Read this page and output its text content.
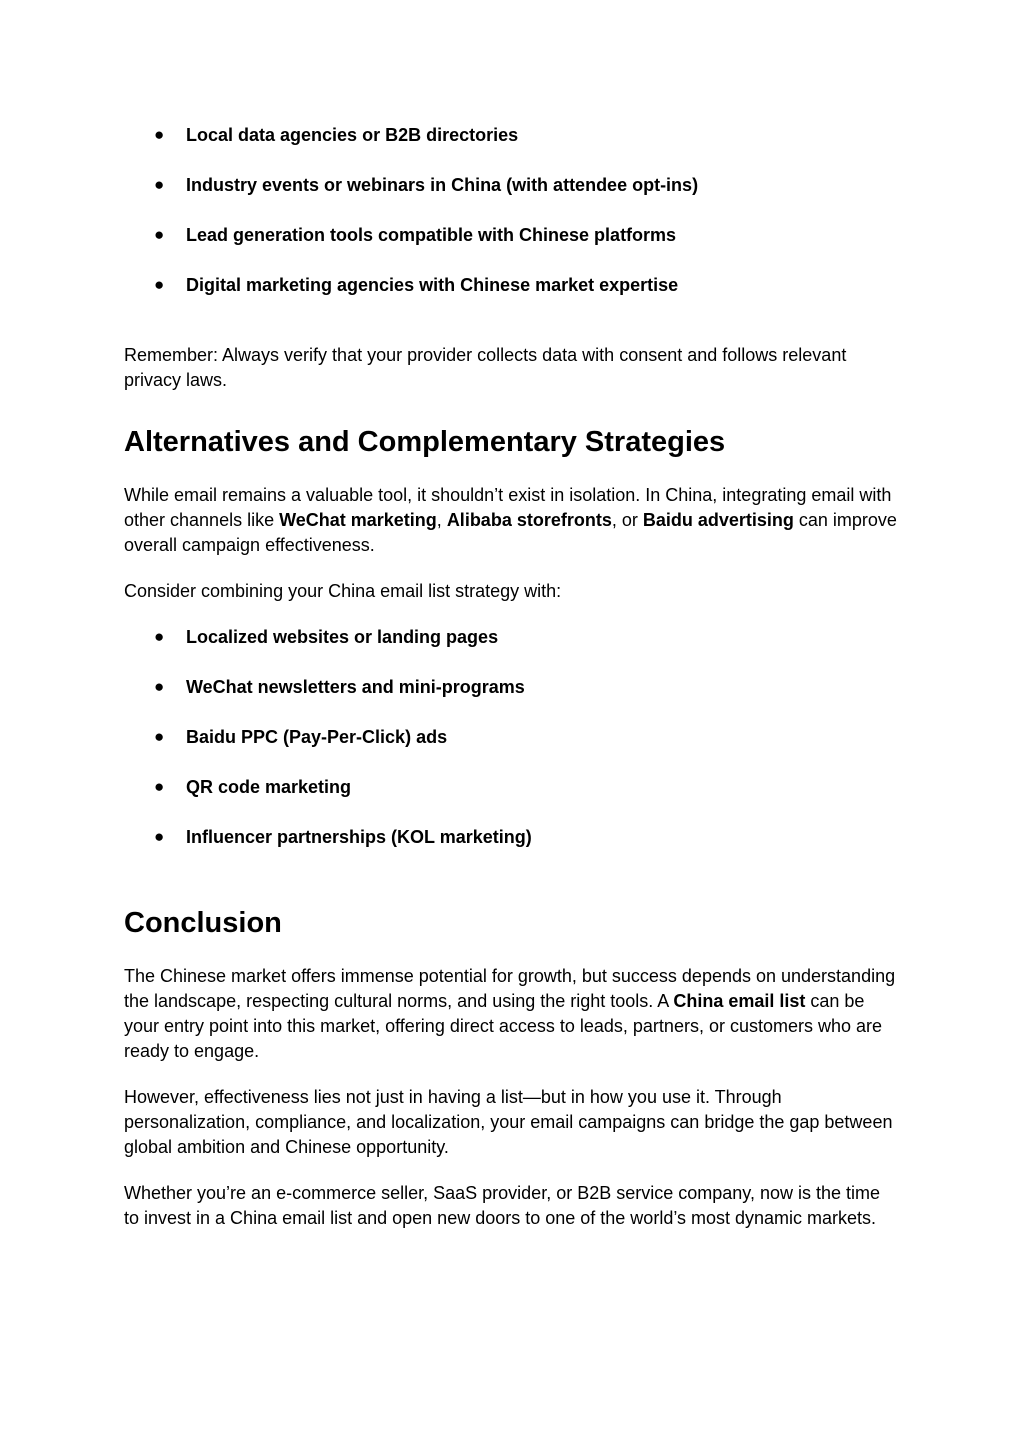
● Local data agencies or B2B directories
● Industry events or webinars in China (with attendee opt-ins)
● Lead generation tools compatible with Chinese platforms
● Digital marketing agencies with Chinese market expertise

Remember: Always verify that your provider collects data with consent and follows relevant privacy laws.

Alternatives and Complementary Strategies

While email remains a valuable tool, it shouldn’t exist in isolation. In China, integrating email with other channels like WeChat marketing, Alibaba storefronts, or Baidu advertising can improve overall campaign effectiveness.

Consider combining your China email list strategy with:

● Localized websites or landing pages
● WeChat newsletters and mini-programs
● Baidu PPC (Pay-Per-Click) ads
● QR code marketing
● Influencer partnerships (KOL marketing)
Conclusion

The Chinese market offers immense potential for growth, but success depends on understanding the landscape, respecting cultural norms, and using the right tools. A China email list can be your entry point into this market, offering direct access to leads, partners, or customers who are ready to engage.

However, effectiveness lies not just in having a list—but in how you use it. Through personalization, compliance, and localization, your email campaigns can bridge the gap between global ambition and Chinese opportunity.

Whether you’re an e-commerce seller, SaaS provider, or B2B service company, now is the time to invest in a China email list and open new doors to one of the world’s most dynamic markets.
